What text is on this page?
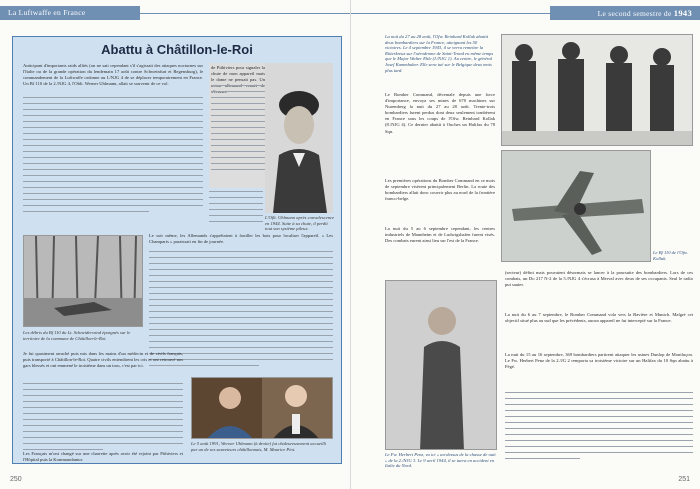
La Luftwaffe en France
Abattu à Châtillon-le-Roi
Anticipant d'importants raids alliés (on ne sait cependant s'il s'agissait des attaques nocturnes sur l'Italie ou de la grande opération du lendemain 17 août contre Schweinfurt et Regensburg), le commandement de la Luftwaffe ordonne au I./NJG 4 de se déplacer temporairement en France. Un Bf 110 de la 2./NJG 4, l'Oblt. Werner Uhlmann, allait se souvenir de ce vol.
de Pithiviers pour signaler la chute de mon appareil mais le dame ne pensait pas. Un
L'Oflt. Uhlmann après convalescence en 1944. Suite à sa chute, il perdit tout son système pileux.
Les débris du Bf 110 du Lt. Schneiderwind épargnés sur le territoire de la commune de Châtillon-le-Roi.
Le soir même, les Allemands s'apprêtaient à fouiller les bois pour localiser l'appareil. « Les Champarts » paraissait en fin de journée.
Je fut quasiment arraché puis mis dans les mains d'un médecin et de civils français, puis transporté à Châtillon-le-Roi. Quatre civils entendirent les cris et ont retrouvé nos gars blessés et ont emmené le troisième dans un trou, c'est par ici.
Les Français m'ont changé sur une charrette après avoir été rejoint par Pithiviers et l'Hôpital puis la Kommandantur.
Le 5 août 1991, Werner Uhlmann (à droite) fut chaleureusement accueilli par un de ses sauveteurs châtillonnais, M. Maurice Piot.
250
Le second semestre de 1943
La nuit du 27 au 28 août, l'Ofw. Reinhard Kollak abattit deux bombardiers sur la France, atteignant les 50 victoires. Le 4 septembre 1943, il se verra remettre la Ritterkreuz sur l'aérodrome de Saint-Trond en même temps que le Major Walter Ehle (I./NJG 1). Au centre, le général Josef Kammhuber. Elle sera tué sur le Belgique deux mois plus tard.
Le Bomber Command, décemale depuis une force d'importance, envoya ses mines de 670 machines sur Nuremberg la nuit du 27 au 28 août. Trente-trois bombardiers furent perdus dont deux seulement tombèrent en France sous les coups de l'Ofw. Reinhard Kollak (8./NJG 4). Ce dernier abattit à Ouches un Halifax du 78 Sqn.
Les premières opérations du Bomber Command en ce mois de septembre visèrent principalement Berlin. La route des bombardiers allait donc couvrir plus au nord de la frontière franco-belge.
La nuit du 5 au 6 septembre cependant, les centres industriels de Mannheim et de Ludwigshafen furent visés. Des combats eurent ainsi lieu sur l'est de la France.
Le Bf 110 de l'Ofw. Kollak.
Le Fw. Herbert Penz, vu ici « au-dessus de la chasse de nuit » de la 2./NJG 3. Le 9 avril 1944, il se tuera en accident en Italie du Nord.
(secteur) défini mais pouvaient désormais se lancer à la poursuite des bombardiers. Lors de ces combats, un Do 217 N-2 de la 5./NJG 4 s'écrasa à Merval avec deux de ses occupants. Seul le radio put sauter.
La nuit du 6 au 7 septembre, le Bomber Command vola vers la Bavière et Munich. Malgré cet objectif situé plus au sud que les précédents, aucun appareil ne fut intercepté sur la France.
La nuit du 15 au 16 septembre, 369 bombardiers partirent attaquer les usines Dunlop de Montluçon. Le Fw. Herbert Penz de la 2./JG 2 remporta sa troisième victoire sur un Halifax du 10 Sqn abattu à Fégé.
251
